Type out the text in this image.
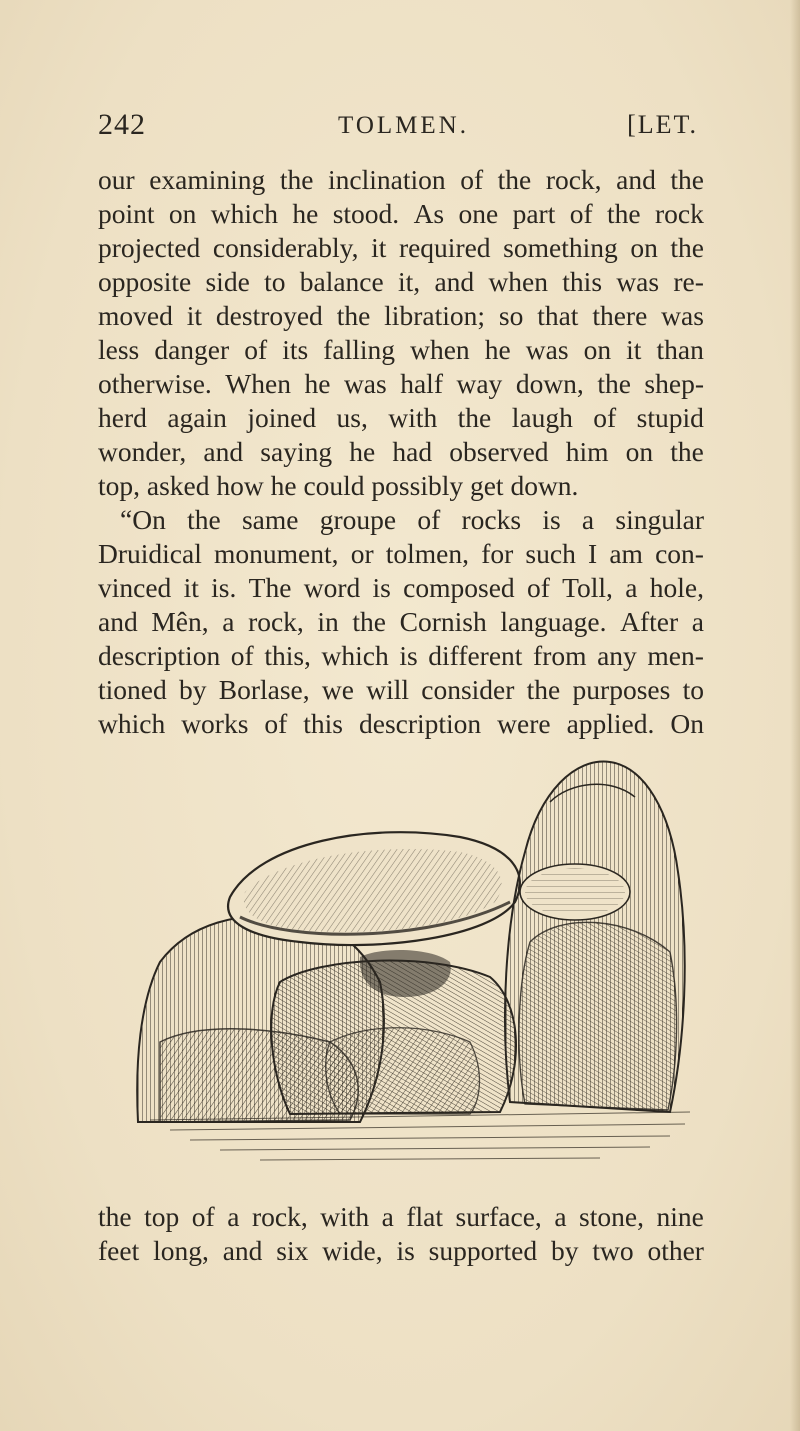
242	TOLMEN.	[LET.
our examining the inclination of the rock, and the
point on which he stood. As one part of the rock
projected considerably, it required something on the
opposite side to balance it, and when this was re-
moved it destroyed the libration; so that there was
less danger of its falling when he was on it than
otherwise. When he was half way down, the shep-
herd again joined us, with the laugh of stupid
wonder, and saying he had observed him on the
top, asked how he could possibly get down.
“On the same groupe of rocks is a singular
Druidical monument, or tolmen, for such I am con-
vinced it is. The word is composed of Toll, a hole,
and Mên, a rock, in the Cornish language. After a
description of this, which is different from any men-
tioned by Borlase, we will consider the purposes to
which works of this description were applied. On
the top of a rock, with a flat surface, a stone, nine
feet long, and six wide, is supported by two other
